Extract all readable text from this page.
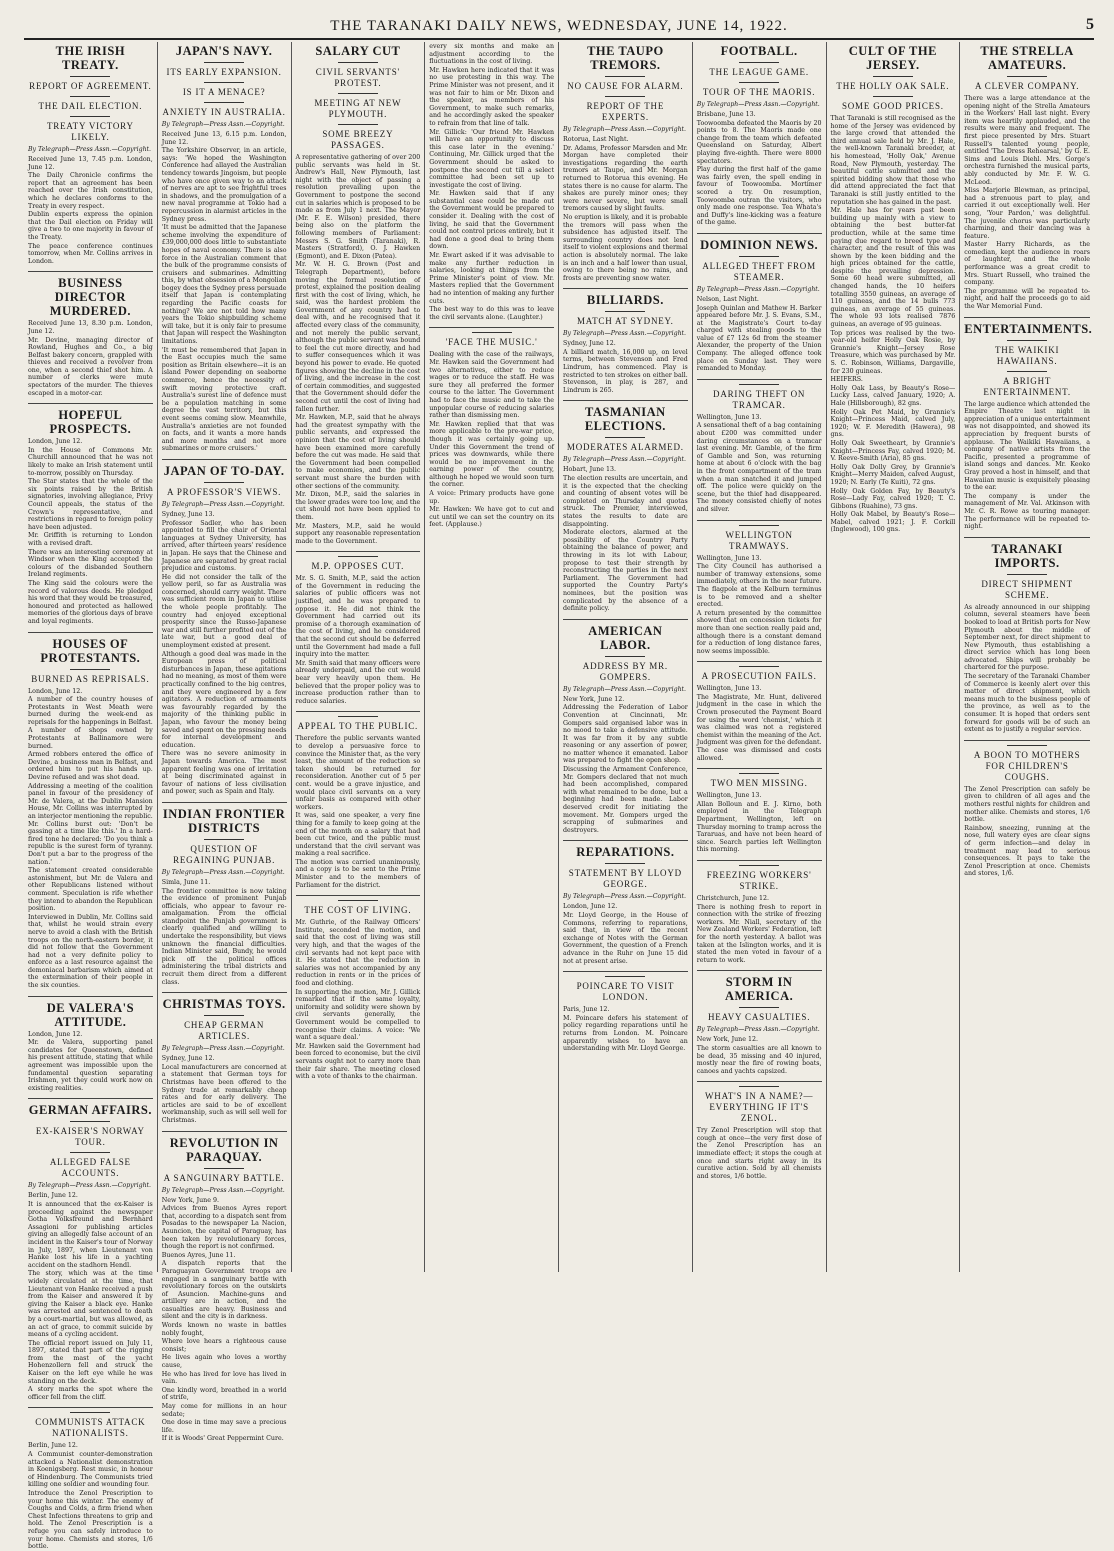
THE TARANAKI DAILY NEWS, WEDNESDAY, JUNE 14, 1922.	5
THE IRISH TREATY.
REPORT OF AGREEMENT.
THE DAIL ELECTION.
TREATY VICTORY LIKELY.
By Telegraph—Press Assn.—Copyright.
Received June 13, 7.45 p.m. London, June 12.
The Daily Chronicle confirms the report that an agreement has been reached over the Irish constitution, which he declares conforms to the Treaty in every respect.
Dublin experts express the opinion that the Dail election on Friday will give a two to one majority in favour of the Treaty.
The peace conference continues tomorrow, when Mr. Collins arrives in London.
BUSINESS DIRECTOR MURDERED.
Received June 13, 8.30 p.m. London, June 12.
Mr. Devine, managing director of Rowland, Hughes and Co., a big Belfast bakery concern, grappled with thieves and received a revolver from one, when a second thief shot him. A number of clerks were mute spectators of the murder. The thieves escaped in a motor-car.
HOPEFUL PROSPECTS.
London, June 12.
In the House of Commons Mr. Churchill announced that he was not likely to make an Irish statement until to-morrow, possibly on Thursday.
The Star states that the whole of the six points raised by the British signatories, involving allegiance, Privy Council appeals, the status of the Crown's representative, and restrictions in regard to foreign policy have been adjusted.
Mr. Griffith is returning to London with a revised draft.
There was an interesting ceremony at Windsor when the King accepted the colours of the disbanded Southern Ireland regiments.
The King said the colours were the record of valorous deeds. He pledged his word that they would be treasured, honoured and protected as hallowed memories of the glorious days of brave and loyal regiments.
HOUSES OF PROTESTANTS.
BURNED AS REPRISALS.
London, June 12.
A number of the country houses of Protestants in West Meath were burned during the week-end as reprisals for the happenings in Belfast.
A number of shops owned by Protestants at Ballinamore were burned.
Armed robbers entered the office of Devine, a business man in Belfast, and ordered him to put his hands up. Devine refused and was shot dead.
Addressing a meeting of the coalition panel in favour of the presidency of Mr. de Valera, at the Dublin Mansion House, Mr. Collins was interrupted by an interjector mentioning the republic. Mr. Collins burst out: 'Don't be gassing at a time like this.' In a hard-fired tone he declared: 'Do you think a republic is the surest form of tyranny. Don't put a bar to the progress of the nation.'
The statement created considerable astonishment, but Mr. de Valera and other Republicans listened without comment. Speculation is rife whether they intend to abandon the Republican position.
Interviewed in Dublin, Mr. Collins said that, whilst he would strain every nerve to avoid a clash with the British troops on the north-eastern border, it did not follow that the Government had not a very definite policy to enforce as a last resource against the demoniacal barbarism which aimed at the extermination of their people in the six counties.
DE VALERA'S ATTITUDE.
London, June 12.
Mr. de Valera, supporting panel candidates for Queenstown, defined his present attitude, stating that while agreement was impossible upon the fundamental question separating Irishmen, yet they could work now on existing realities.
GERMAN AFFAIRS.
EX-KAISER'S NORWAY TOUR.
ALLEGED FALSE ACCOUNTS.
By Telegraph—Press Assn.—Copyright.
Berlin, June 12.
It is announced that the ex-Kaiser is proceeding against the newspaper Gotha Volksfreund and Bernhard Assagioni for publishing articles giving an allegedly false account of an incident in the Kaiser's tour of Norway in July, 1897, when Lieutenant von Hanke lost his life in a yachting accident on the stadhorn Hendl.
The story, which was at the time widely circulated at the time, that Lieutenant von Hanke received a push from the Kaiser and answered it by giving the Kaiser a black eye. Hanke was arrested and sentenced to death by a court-martial, but was allowed, as an act of grace, to commit suicide by means of a cycling accident.
The official report issued on July 11, 1897, stated that part of the rigging from the mast of the yacht Hohenzollern fell and struck the Kaiser on the left eye while he was standing on the deck.
A story marks the spot where the officer fell from the cliff.
COMMUNISTS ATTACK NATIONALISTS.
Berlin, June 12.
A Communist counter-demonstration attacked a Nationalist demonstration in Koenigsberg. Rest music, in honour of Hindenburg. The Communists tried killing one soldier and wounding four.
Introduce the Zenol Prescription to your home this winter. The enemy of Coughs and Colds, a firm friend when Chest Infections threatens to grip and hold. The Zenol Prescription is a refuge you can safely introduce to your home. Chemists and stores, 1/6 bottle.
JAPAN'S NAVY.
ITS EARLY EXPANSION.
IS IT A MENACE?
ANXIETY IN AUSTRALIA.
By Telegraph—Press Assn.—Copyright.
Received June 13, 6.15 p.m. London, June 12.
The Yorkshire Observer, in an article, says: 'We hoped the Washington Conference had allayed the Australian tendency towards Jingoism, but people who have once given way to an attack of nerves are apt to see frightful trees in shadows, and the promulgation of a new naval programme at Tokio had a repercussion in alarmist articles in the Sydney press.
'It must be admitted that the Japanese scheme involving the expenditure of £39,000,000 does little to substantiate hopes of naval economy. There is also force in the Australian comment that the bulk of the programme consists of cruisers and submarines. Admitting this, by what obsession of a Mongolian bogey does the Sydney press persuade itself that Japan is contemplating regarding the Pacific coasts for nothing? We are not told how many years the Tokio shipbuilding scheme will take, but it is only fair to presume that Japan will respect the Washington limitations.
'It must be remembered that Japan in the East occupies much the same position as Britain elsewhere—it is an island Power depending on seaborne commerce, hence the necessity of swift moving protective craft. Australia's surest line of defence must be a population matching in some degree the vast territory, but this event seems coming slow. Meanwhile, Australia's anxieties are not founded on facts, and it wants a more hands and more months and not more submarines or more cruisers.'
JAPAN OF TO-DAY.
A PROFESSOR'S VIEWS.
By Telegraph—Press Assn.—Copyright.
Sydney, June 13.
Professor Sadler, who has been appointed to fill the chair of Oriental languages at Sydney University, has arrived, after thirteen years' residence in Japan. He says that the Chinese and Japanese are separated by great racial prejudice and customs.
He did not consider the talk of the yellow peril, so far as Australia was concerned, should carry weight. There was sufficient room in Japan to utilise the whole people profitably. The country had enjoyed exceptional prosperity since the Russo-Japanese war and still further profited out of the late war, but a good deal of unemployment existed at present.
Although a good deal was made in the European press of political disturbances in Japan, these agitations had no meaning, as most of them were practically confined to the big centres, and they were engineered by a few agitators. A reduction of armaments was favourably regarded by the majority of the thinking public in Japan, who favour the money being saved and spent on the pressing needs for internal development and education.
There was no severe animosity in Japan towards America. The most apparent feeling was one of irritation at being discriminated against in favour of nations of less civilisation and power, such as Spain and Italy.
INDIAN FRONTIER DISTRICTS
QUESTION OF REGAINING PUNJAB.
By Telegraph—Press Assn.—Copyright.
Simla, June 11.
The frontier committee is now taking the evidence of prominent Punjab officials, who appear to favour re-amalgamation. From the official standpoint the Punjab government is clearly qualified and willing to undertake the responsibility, but views unknown the financial difficulties. Indian Minister said, Bundy, he would pick off the political offices administering the tribal districts and recruit them direct from a different class.
CHRISTMAS TOYS.
CHEAP GERMAN ARTICLES.
By Telegraph—Press Assn.—Copyright.
Sydney, June 12.
Local manufacturers are concerned at a statement that German toys for Christmas have been offered to the Sydney trade at remarkably cheap rates and for early delivery. The articles are said to be of excellent workmanship, such as will sell well for Christmas.
REVOLUTION IN PARAQUAY.
A SANGUINARY BATTLE.
By Telegraph—Press Assn.—Copyright.
New York, June 9.
Advices from Buenos Ayres report that, according to a dispatch sent from Posadas to the newspaper La Nacion, Asuncion, the capital of Paraguay, has been taken by revolutionary forces, though the report is not confirmed.
Buenos Ayres, June 11.
A dispatch reports that the Paraguayan Government troops are engaged in a sanguinary battle with revolutionary forces on the outskirts of Asuncion. Machine-guns and artillery are in action, and the casualties are heavy. Business and silent and the city is in darkness.
Words known no waste in battles nobly fought,
Where love hears a righteous cause consist;
He lives again who loves a worthy cause,
He who has lived for love has lived in vain.
One kindly word, breathed in a world of strife,
May come for millions in an hour sedate;
One dose in time may save a precious life.
If it is Woods' Great Peppermint Cure.
SALARY CUT
CIVIL SERVANTS' PROTEST.
MEETING AT NEW PLYMOUTH.
SOME BREEZY PASSAGES.
A representative gathering of over 200 public servants was held in St. Andrew's Hall, New Plymouth, last night with the object of passing a resolution prevailing upon the Government to postpone the second cut in salaries which is proposed to be made as from July 1 next. The Mayor (Mr. F. E. Wilson) presided, there being also on the platform the following members of Parliament: Messrs S. G. Smith (Taranaki), R. Masters (Stratford), O. J. Hawken (Egmont), and E. Dixon (Patea).
Mr. W. H. G. Brown (Post and Telegraph Department), before moving the formal resolution of protest, explained the position dealing first with the cost of living, which, he said, was the hardest problem the Government of any country had to deal with, and he recognised that it affected every class of the community, and not merely the public servant, although the public servant was bound to feel the cut more directly, and had to suffer consequences which it was beyond his power to evade. He quoted figures showing the decline in the cost of living, and the increase in the cost of certain commodities, and suggested that the Government should defer the second cut until the cost of living had fallen further.
Mr. Hawken, M.P., said that he always had the greatest sympathy with the public servants, and expressed the opinion that the cost of living should have been examined more carefully before the cut was made. He said that the Government had been compelled to make economies, and the public servant must share the burden with other sections of the community.
Mr. Dixon, M.P., said the salaries in the lower grades were too low, and the cut should not have been applied to them.
Mr. Masters, M.P., said he would support any reasonable representation made to the Government.
M.P. OPPOSES CUT.
Mr. S. G. Smith, M.P., said the action of the Government in reducing the salaries of public officers was not justified, and he was prepared to oppose it. He did not think the Government had carried out its promise of a thorough examination of the cost of living, and he considered that the second cut should be deferred until the Government had made a full inquiry into the matter.
Mr. Smith said that many officers were already underpaid, and the cut would bear very heavily upon them. He believed that the proper policy was to increase production rather than to reduce salaries.
APPEAL TO THE PUBLIC.
Therefore the public servants wanted to develop a persuasive force to convince the Minister that, as the very least, the amount of the reduction so taken should be returned for reconsideration. Another cut of 5 per cent. would be a grave injustice, and would place civil servants on a very unfair basis as compared with other workers.
It was, said one speaker, a very fine thing for a family to keep going at the end of the month on a salary that had been cut twice, and the public must understand that the civil servant was making a real sacrifice.
The motion was carried unanimously, and a copy is to be sent to the Prime Minister and to the members of Parliament for the district.
THE COST OF LIVING.
Mr. Guthrie, of the Railway Officers' Institute, seconded the motion, and said that the cost of living was still very high, and that the wages of the civil servants had not kept pace with it. He stated that the reduction in salaries was not accompanied by any reduction in rents or in the prices of food and clothing.
In supporting the motion, Mr. J. Gillick remarked that if the same loyalty, uniformity and solidity were shown by civil servants generally, the Government would be compelled to recognise their claims. A voice: 'We want a square deal.'
Mr. Hawken said the Government had been forced to economise, but the civil servants ought not to carry more than their fair share. The meeting closed with a vote of thanks to the chairman.
every six months and make an adjustment according to the fluctuations in the cost of living.
Mr. Hawken here indicated that it was no use protesting in this way. The Prime Minister was not present, and it was not fair to him or Mr. Dixon and the speaker, as members of his Government, to make such remarks, and he accordingly asked the speaker to refrain from that line of talk.
Mr. Gillick: 'Our friend Mr. Hawken will have an opportunity to discuss this case later in the evening.' Continuing, Mr. Gillick urged that the Government should be asked to postpone the second cut till a select committee had been set up to investigate the cost of living.
Mr. Hawken said that if any substantial case could be made out the Government would be prepared to consider it. Dealing with the cost of living, he said that the Government could not control prices entirely, but it had done a good deal to bring them down.
Mr. Ewart asked if it was advisable to make any further reduction in salaries, looking at things from the Prime Minister's point of view. Mr. Masters replied that the Government had no intention of making any further cuts.
The best way to do this was to leave the civil servants alone. (Laughter.)
'FACE THE MUSIC.'
Dealing with the case of the railways, Mr. Hawken said the Government had two alternatives, either to reduce wages or to reduce the staff. He was sure they all preferred the former course to the latter. The Government had to face the music and to take the unpopular course of reducing salaries rather than dismissing men.
Mr. Hawken replied that that was more applicable to the pre-war price, though it was certainly going up. Under this Government the trend of prices was downwards, while there would be no improvement in the earning power of the country, although he hoped we would soon turn the corner.
A voice: Primary products have gone up.
Mr. Hawken: We have got to cut and cut until we can set the country on its feet. (Applause.)
THE TAUPO TREMORS.
NO CAUSE FOR ALARM.
REPORT OF THE EXPERTS.
By Telegraph—Press Assn.—Copyright.
Rotorua, Last Night.
Dr. Adams, Professor Marsden and Mr. Morgan have completed their investigations regarding the earth tremors at Taupo, and Mr. Morgan returned to Rotorua this evening. He states there is no cause for alarm. The shakes are purely minor ones; they were never severe, but were small tremors caused by slight faults.
No eruption is likely, and it is probable the tremors will pass when the subsidence has adjusted itself. The surrounding country does not lend itself to violent explosions and thermal action is absolutely normal. The lake is an inch and a half lower than usual, owing to there being no rains, and frosts are preventing snow water.
BILLIARDS.
MATCH AT SYDNEY.
By Telegraph—Press Assn.—Copyright.
Sydney, June 12.
A billiard match, 16,000 up, on level terms, between Stevenson and Fred Lindrum, has commenced. Play is restricted to ten strokes on either ball. Stevenson, in play, is 287, and Lindrum is 265.
TASMANIAN ELECTIONS.
MODERATES ALARMED.
By Telegraph—Press Assn.—Copyright.
Hobart, June 13.
The election results are uncertain, and it is the expected that the checking and counting of absent votes will be completed on Thursday and quotas struck. The Premier, interviewed, states the results to date are disappointing.
Moderate electors, alarmed at the possibility of the Country Party obtaining the balance of power, and throwing in its lot with Labour, propose to test their strength by reconstructing the parties in the next Parliament. The Government had supported the Country Party's nominees, but the position was complicated by the absence of a definite policy.
AMERICAN LABOR.
ADDRESS BY MR. GOMPERS.
By Telegraph—Press Assn.—Copyright.
New York, June 12.
Addressing the Federation of Labor Convention at Cincinnati, Mr. Gompers said organised labor was in no mood to take a defensive attitude. It was far from it by any subtle reasoning or any assertion of power, no matter whence it emanated. Labor was prepared to fight the open shop.
Discussing the Armament Conference, Mr. Gompers declared that not much had been accomplished, compared with what remained to be done, but a beginning had been made. Labor deserved credit for initiating the movement. Mr. Gompers urged the scrapping of submarines and destroyers.
REPARATIONS.
STATEMENT BY LLOYD GEORGE.
By Telegraph—Press Assn.—Copyright.
London, June 12.
Mr. Lloyd George, in the House of Commons, referring to reparations, said that, in view of the recent exchange of Notes with the German Government, the question of a French advance in the Ruhr on June 15 did not at present arise.
POINCARE TO VISIT LONDON.
Paris, June 12.
M. Poincare defers his statement of policy regarding reparations until he returns from London. M. Poincare apparently wishes to have an understanding with Mr. Lloyd George.
FOOTBALL.
THE LEAGUE GAME.
TOUR OF THE MAORIS.
By Telegraph—Press Assn.—Copyright.
Brisbane, June 13.
Toowoomba defeated the Maoris by 20 points to 8. The Maoris made one change from the team which defeated Queensland on Saturday, Albert playing five-eighth. There were 8000 spectators.
Play during the first half of the game was fairly even, the spell ending in favour of Toowoomba. Mortimer scored a try. On resumption, Toowoomba outran the visitors, who only made one response. Tea Whata's and Duffy's line-kicking was a feature of the game.
DOMINION NEWS.
ALLEGED THEFT FROM STEAMER.
By Telegraph—Press Assn.—Copyright.
Nelson, Last Night.
Joseph Quinlan and Mathew H. Barker appeared before Mr. J. S. Evans, S.M., at the Magistrate's Court to-day charged with stealing goods to the value of £7 12s 6d from the steamer Alexander, the property of the Union Company. The alleged offence took place on Sunday last. They were remanded to Monday.
DARING THEFT ON TRAMCAR.
Wellington, June 13.
A sensational theft of a bag containing about £200 was committed under daring circumstances on a tramcar last evening. Mr. Gamble, of the firm of Gamble and Son, was returning home at about 6 o'clock with the bag in the front compartment of the tram when a man snatched it and jumped off. The police were quickly on the scene, but the thief had disappeared. The money consisted chiefly of notes and silver.
WELLINGTON TRAMWAYS.
Wellington, June 13.
The City Council has authorised a number of tramway extensions, some immediately, others in the near future. The flagpole at the Kelburn terminus is to be removed and a shelter erected.
A return presented by the committee showed that on concession tickets for more than one section really paid and, although there is a constant demand for a reduction of long distance fares, now seems impossible.
A PROSECUTION FAILS.
Wellington, June 13.
The Magistrate, Mr. Hunt, delivered judgment in the case in which the Crown prosecuted the Payment Board for using the word 'chemist,' which it was claimed was not a registered chemist within the meaning of the Act. Judgment was given for the defendant. The case was dismissed and costs allowed.
TWO MEN MISSING.
Wellington, June 13.
Allan Bolloun and E. J. Kirno, both employed in the Telegraph Department, Wellington, left on Thursday morning to tramp across the Tararuas, and have not been heard of since. Search parties left Wellington this morning.
FREEZING WORKERS' STRIKE.
Christchurch, June 12.
There is nothing fresh to report in connection with the strike of freezing workers. Mr. Niall, secretary of the New Zealand Workers' Federation, left for the north yesterday. A ballot was taken at the Islington works, and it is stated the men voted in favour of a return to work.
STORM IN AMERICA.
HEAVY CASUALTIES.
By Telegraph—Press Assn.—Copyright.
New York, June 12.
The storm casualties are all known to be dead, 35 missing and 40 injured, mostly near the fire of rowing boats, canoes and yachts capsized.
WHAT'S IN A NAME?—EVERYTHING IF IT'S ZENOL.
Try Zenol Prescription will stop that cough at once—the very first dose of the Zenol Prescription has an immediate effect; it stops the cough at once and starts right away in its curative action. Sold by all chemists and stores, 1/6 bottle.
CULT OF THE JERSEY.
THE HOLLY OAK SALE.
SOME GOOD PRICES.
That Taranaki is still recognised as the home of the Jersey was evidenced by the large crowd that attended the third annual sale held by Mr. J. Hale, the well-known Taranaki breeder, at his homestead, 'Holly Oak,' Avenue Road, New Plymouth, yesterday. The beautiful cattle submitted and the spirited bidding show that those who did attend appreciated the fact that Taranaki is still justly entitled to the reputation she has gained in the past.
Mr. Hale has for years past been building up mainly with a view to obtaining the best butter-fat production, while at the same time paying due regard to breed type and character, and the result of this was shown by the keen bidding and the high prices obtained for the cattle, despite the prevailing depression. Some 60 head were submitted, all changed hands, the 10 heifers totalling 3550 guineas, an average of 110 guineas, and the 14 bulls 773 guineas, an average of 55 guineas. The whole 93 lots realised 7876 guineas, an average of 95 guineas.
Top prices was realised by the two-year-old heifer Holly Oak Rosie, by Grannie's Knight—Jersey Rose Treasure, which was purchased by Mr. S. C. Robinson, Williams, Dargaville, for 230 guineas.
HEIFERS.
Holly Oak Lass, by Beauty's Rose—Lucky Lass, calved January, 1920; A. Hale (Hillsborough), 82 gns.
Holly Oak Pet Maid, by Grannie's Knight—Princess Maid, calved July, 1920; W. F. Meredith (Hawera), 98 gns.
Holly Oak Sweetheart, by Grannie's Knight—Princess Fay, calved 1920; M. V. Reeve-Smith (Aria), 85 gns.
Holly Oak Dolly Grey, by Grannie's Knight—Merry Maiden, calved August, 1920; N. Early (Te Kuiti), 72 gns.
Holly Oak Golden Fay, by Beauty's Rose—Lady Fay, calved 1920; T. C. Gibbons (Ruahine), 73 gns.
Holly Oak Mabel, by Beauty's Rose—Mabel, calved 1921; J. F. Corkill (Inglewood), 100 gns.
THE STRELLA AMATEURS.
A CLEVER COMPANY.
There was a large attendance at the opening night of the Strella Amateurs in the Workers' Hall last night. Every item was heartily applauded, and the results were many and frequent. The first piece presented by Mrs. Stuart Russell's talented young people, entitled 'The Dress Rehearsal,' by G. E. Sims and Louis Diehl. Mrs. Gorge's orchestra furnished the musical parts, ably conducted by Mr. F. W. G. McLeod.
Miss Marjorie Blewman, as principal, had a strenuous part to play, and carried it out exceptionally well. Her song, 'Your Pardon,' was delightful. The juvenile chorus was particularly charming, and their dancing was a feature.
Master Harry Richards, as the comedian, kept the audience in roars of laughter, and the whole performance was a great credit to Mrs. Stuart Russell, who trained the company.
The programme will be repeated to-night, and half the proceeds go to aid the War Memorial Fund.
ENTERTAINMENTS.
THE WAIKIKI HAWAIIANS.
A BRIGHT ENTERTAINMENT.
The large audience which attended the Empire Theatre last night in appreciation of a unique entertainment was not disappointed, and showed its appreciation by frequent bursts of applause. The Waikiki Hawaiians, a company of native artists from the Pacific, presented a programme of island songs and dances. Mr. Keoko Gray proved a host in himself, and that Hawaiian music is exquisitely pleasing to the ear.
The company is under the management of Mr. Val. Atkinson with Mr. C. R. Rowe as touring manager. The performance will be repeated to-night.
TARANAKI IMPORTS.
DIRECT SHIPMENT SCHEME.
As already announced in our shipping column, several steamers have been booked to load at British ports for New Plymouth about the middle of September next, for direct shipment to New Plymouth, thus establishing a direct service which has long been advocated. Ships will probably be chartered for the purpose.
The secretary of the Taranaki Chamber of Commerce is keenly alert over this matter of direct shipment, which means much to the business people of the province, as well as to the consumer. It is hoped that orders sent forward for goods will be of such an extent as to justify a regular service.
A BOON TO MOTHERS FOR CHILDREN'S COUGHS.
The Zenol Prescription can safely be given to children of all ages and the mothers restful nights for children and mother alike. Chemists and stores, 1/6 bottle.
Rainbow, sneezing, running at the nose, full watery eyes are clear signs of germ infection—and delay in treatment may lead to serious consequences. It pays to take the Zenol Prescription at once. Chemists and stores, 1/6.
